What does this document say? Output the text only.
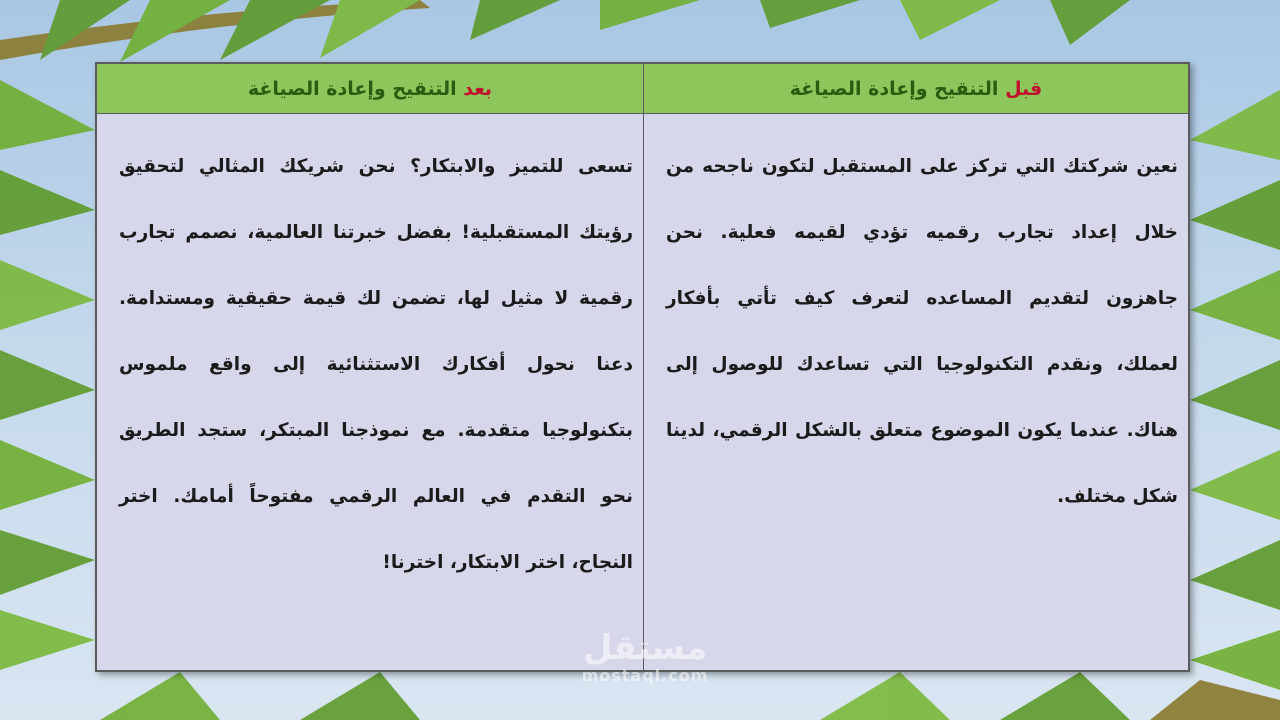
بعد

التنقيح وإعادة الصياغة	قبل

التنقيح وإعادة الصياغة

تسعى للتميز والابتكار؟ نحن شريكك المثالي لتحقيق رؤيتك المستقبلية! بفضل خبرتنا العالمية، نصمم تجارب رقمية لا مثيل لها، تضمن لك قيمة حقيقية ومستدامة. دعنا نحول أفكارك الاستثنائية إلى واقع ملموس بتكنولوجيا متقدمة. مع نموذجنا المبتكر، ستجد الطريق نحو التقدم في العالم الرقمي مفتوحاً أمامك. اختر النجاح، اختر الابتكار، اخترنا!

نعين شركتك التي تركز على المستقبل لتكون ناجحه من خلال إعداد تجارب رقميه تؤدي لقيمه فعلية. نحن جاهزون لتقديم المساعده لتعرف كيف تأتي بأفكار لعملك، ونقدم التكنولوجيا التي تساعدك للوصول إلى هناك. عندما يكون الموضوع متعلق بالشكل الرقمي، لدينا شكل مختلف.

مستقل
mostaql.com
